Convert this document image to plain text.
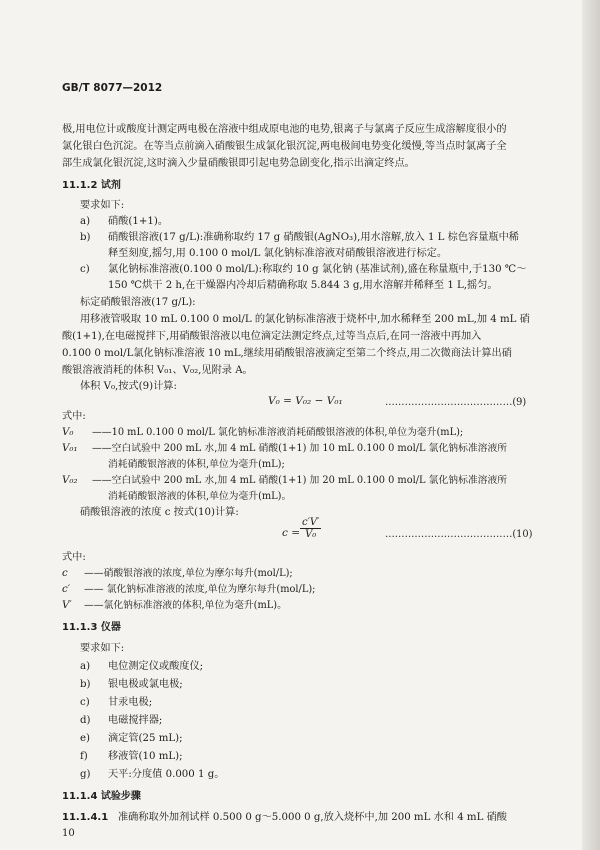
GB/T 8077—2012
极,用电位计或酸度计测定两电极在溶液中组成原电池的电势,银离子与氯离子反应生成溶解度很小的
氯化银白色沉淀。在等当点前滴入硝酸银生成氯化银沉淀,两电极间电势变化缓慢,等当点时氯离子全
部生成氯化银沉淀,这时滴入少量硝酸银即引起电势急剧变化,指示出滴定终点。
11.1.2 试剂
要求如下:
a) 硝酸(1+1)。
b) 硝酸银溶液(17 g/L):准确称取约 17 g 硝酸银(AgNO₃),用水溶解,放入 1 L 棕色容量瓶中稀
释至刻度,摇匀,用 0.100 0 mol/L 氯化钠标准溶液对硝酸银溶液进行标定。
c) 氯化钠标准溶液(0.100 0 mol/L):称取约 10 g 氯化钠 (基准试剂),盛在称量瓶中,于130 ℃～
150 ℃烘干 2 h,在干燥器内冷却后精确称取 5.844 3 g,用水溶解并稀释至 1 L,摇匀。
标定硝酸银溶液(17 g/L):
用移液管吸取 10 mL 0.100 0 mol/L 的氯化钠标准溶液于烧杯中,加水稀释至 200 mL,加 4 mL 硝
酸(1+1),在电磁搅拌下,用硝酸银溶液以电位滴定法测定终点,过等当点后,在同一溶液中再加入
0.100 0 mol/L氯化钠标准溶液 10 mL,继续用硝酸银溶液滴定至第二个终点,用二次微商法计算出硝
酸银溶液消耗的体积 V₀₁、V₀₂,见附录 A。
体积 V₀,按式(9)计算:
V₀ = V₀₂ − V₀₁	…………………………………(9)
式中:
V₀ ——10 mL 0.100 0 mol/L 氯化钠标准溶液消耗硝酸银溶液的体积,单位为毫升(mL);
V₀₁ ——空白试验中 200 mL 水,加 4 mL 硝酸(1+1) 加 10 mL 0.100 0 mol/L 氯化钠标准溶液所
消耗硝酸银溶液的体积,单位为毫升(mL);
V₀₂ ——空白试验中 200 mL 水,加 4 mL 硝酸(1+1) 加 20 mL 0.100 0 mol/L 氯化钠标准溶液所
消耗硝酸银溶液的体积,单位为毫升(mL)。
硝酸银溶液的浓度 c 按式(10)计算:
$c = \frac{c'V'}{\text{V₀}}$	…………………………………(10)
式中:
c ——硝酸银溶液的浓度,单位为摩尔每升(mol/L);
c′ —— 氯化钠标准溶液的浓度,单位为摩尔每升(mol/L);
V′ ——氯化钠标准溶液的体积,单位为毫升(mL)。
11.1.3 仪器
要求如下:
a) 电位测定仪或酸度仪;
b) 银电极或氯电极;
c) 甘汞电极;
d) 电磁搅拌器;
e) 滴定管(25 mL);
f) 移液管(10 mL);
g) 天平:分度值 0.000 1 g。
11.1.4 试验步骤
11.1.4.1 准确称取外加剂试样 0.500 0 g～5.000 0 g,放入烧杯中,加 200 mL 水和 4 mL 硝酸
10
